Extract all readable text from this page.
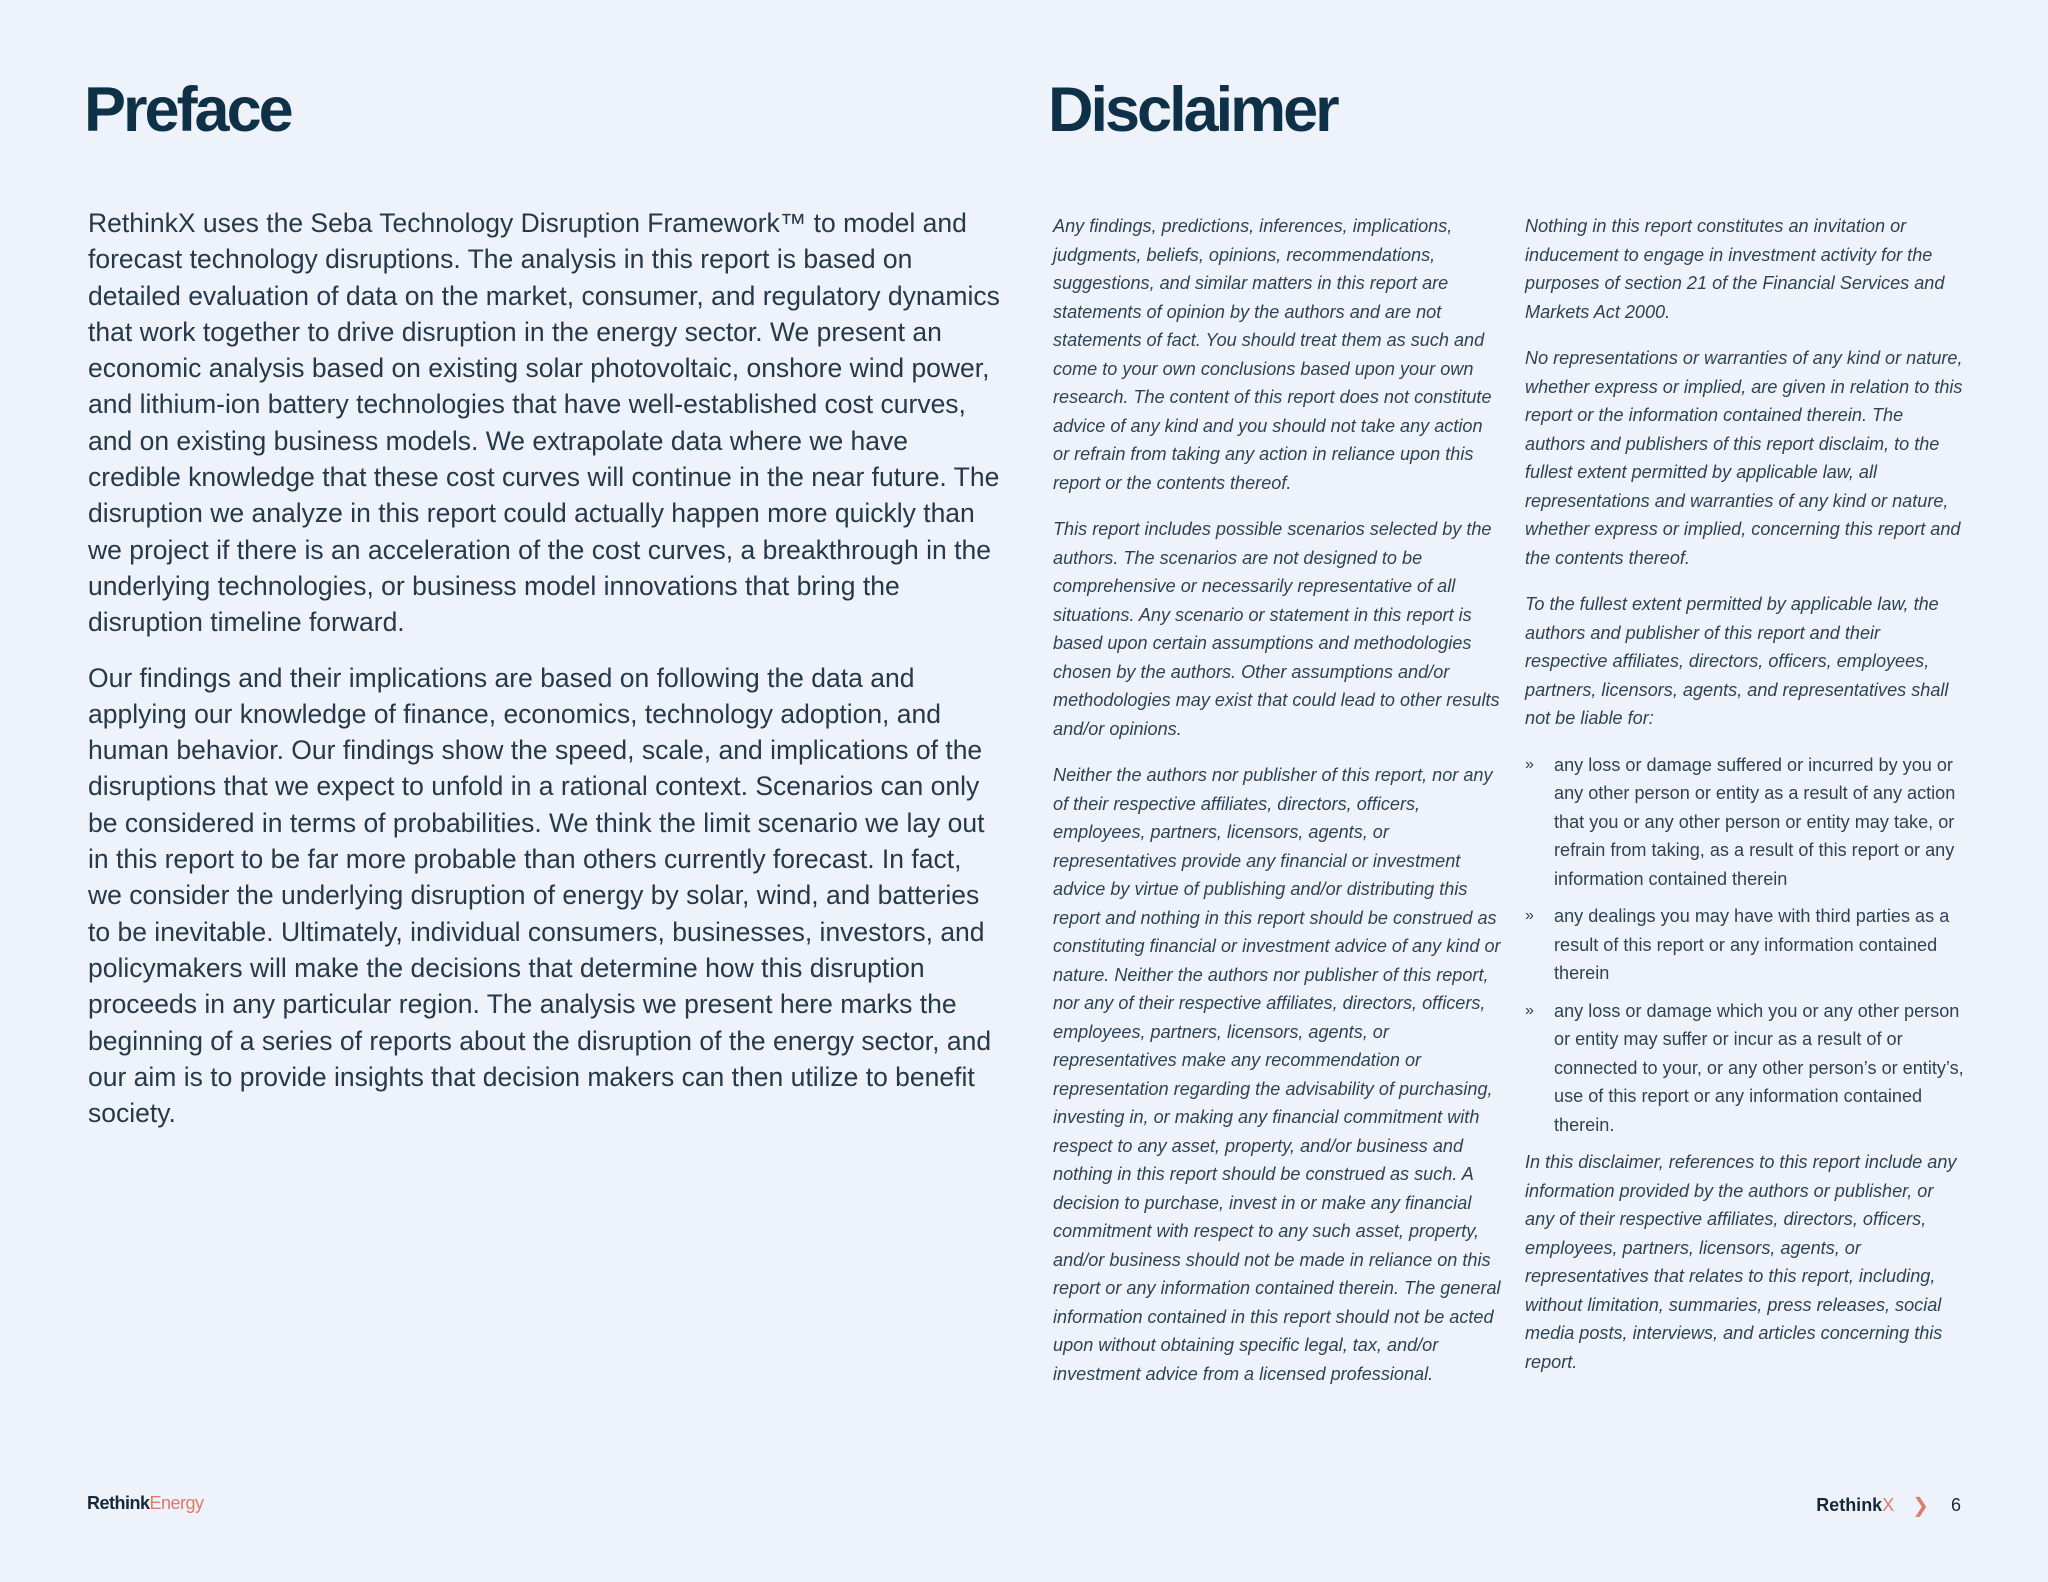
Preface	Disclaimer

RethinkX uses the Seba Technology Disruption Framework™ to model and forecast technology disruptions. The analysis in this report is based on detailed evaluation of data on the market, consumer, and regulatory dynamics that work together to drive disruption in the energy sector. We present an economic analysis based on existing solar photovoltaic, onshore wind power, and lithium-ion battery technologies that have well-established cost curves, and on existing business models. We extrapolate data where we have credible knowledge that these cost curves will continue in the near future. The disruption we analyze in this report could actually happen more quickly than we project if there is an acceleration of the cost curves, a breakthrough in the underlying technologies, or business model innovations that bring the disruption timeline forward.

Our findings and their implications are based on following the data and applying our knowledge of finance, economics, technology adoption, and human behavior. Our findings show the speed, scale, and implications of the disruptions that we expect to unfold in a rational context. Scenarios can only be considered in terms of probabilities. We think the limit scenario we lay out in this report to be far more probable than others currently forecast. In fact, we consider the underlying disruption of energy by solar, wind, and batteries to be inevitable. Ultimately, individual consumers, businesses, investors, and policymakers will make the decisions that determine how this disruption proceeds in any particular region. The analysis we present here marks the beginning of a series of reports about the disruption of the energy sector, and our aim is to provide insights that decision makers can then utilize to benefit society.

Any findings, predictions, inferences, implications, judgments, beliefs, opinions, recommendations, suggestions, and similar matters in this report are statements of opinion by the authors and are not statements of fact. You should treat them as such and come to your own conclusions based upon your own research. The content of this report does not constitute advice of any kind and you should not take any action or refrain from taking any action in reliance upon this report or the contents thereof.

This report includes possible scenarios selected by the authors. The scenarios are not designed to be comprehensive or necessarily representative of all situations. Any scenario or statement in this report is based upon certain assumptions and methodologies chosen by the authors. Other assumptions and/or methodologies may exist that could lead to other results and/or opinions.

Neither the authors nor publisher of this report, nor any of their respective affiliates, directors, officers, employees, partners, licensors, agents, or representatives provide any financial or investment advice by virtue of publishing and/or distributing this report and nothing in this report should be construed as constituting financial or investment advice of any kind or nature. Neither the authors nor publisher of this report, nor any of their respective affiliates, directors, officers, employees, partners, licensors, agents, or representatives make any recommendation or representation regarding the advisability of purchasing, investing in, or making any financial commitment with respect to any asset, property, and/or business and nothing in this report should be construed as such. A decision to purchase, invest in or make any financial commitment with respect to any such asset, property, and/or business should not be made in reliance on this report or any information contained therein. The general information contained in this report should not be acted upon without obtaining specific legal, tax, and/or investment advice from a licensed professional.

Nothing in this report constitutes an invitation or inducement to engage in investment activity for the purposes of section 21 of the Financial Services and Markets Act 2000.

No representations or warranties of any kind or nature, whether express or implied, are given in relation to this report or the information contained therein. The authors and publishers of this report disclaim, to the fullest extent permitted by applicable law, all representations and warranties of any kind or nature, whether express or implied, concerning this report and the contents thereof.

To the fullest extent permitted by applicable law, the authors and publisher of this report and their respective affiliates, directors, officers, employees, partners, licensors, agents, and representatives shall not be liable for:

» any loss or damage suffered or incurred by you or any other person or entity as a result of any action that you or any other person or entity may take, or refrain from taking, as a result of this report or any information contained therein
» any dealings you may have with third parties as a result of this report or any information contained therein
» any loss or damage which you or any other person or entity may suffer or incur as a result of or connected to your, or any other person’s or entity’s, use of this report or any information contained therein.

In this disclaimer, references to this report include any information provided by the authors or publisher, or any of their respective affiliates, directors, officers, employees, partners, licensors, agents, or representatives that relates to this report, including, without limitation, summaries, press releases, social media posts, interviews, and articles concerning this report.

RethinkEnergy	RethinkX ❯ 6
